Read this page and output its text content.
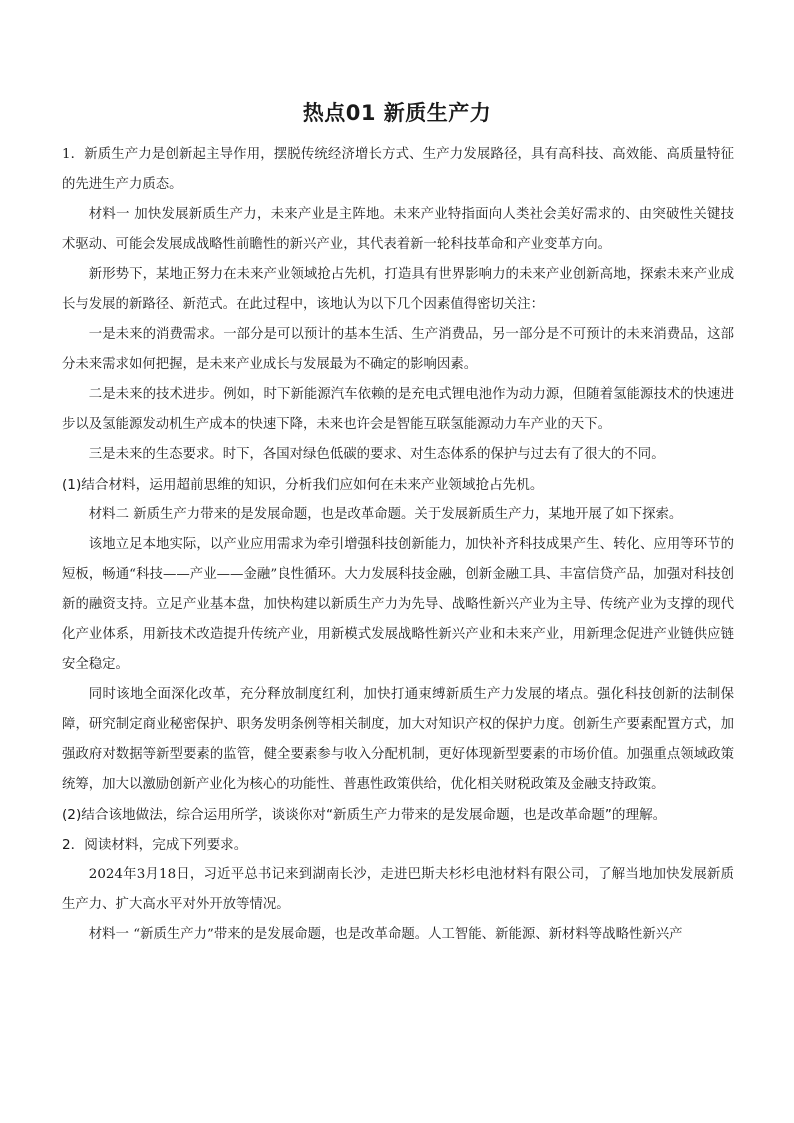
热点01 新质生产力

1．新质生产力是创新起主导作用，摆脱传统经济增长方式、生产力发展路径，具有高科技、高效能、高质量特征的先进生产力质态。

材料一 加快发展新质生产力，未来产业是主阵地。未来产业特指面向人类社会美好需求的、由突破性关键技术驱动、可能会发展成战略性前瞻性的新兴产业，其代表着新一轮科技革命和产业变革方向。

新形势下，某地正努力在未来产业领域抢占先机，打造具有世界影响力的未来产业创新高地，探索未来产业成长与发展的新路径、新范式。在此过程中，该地认为以下几个因素值得密切关注：

一是未来的消费需求。一部分是可以预计的基本生活、生产消费品，另一部分是不可预计的未来消费品，这部分未来需求如何把握，是未来产业成长与发展最为不确定的影响因素。

二是未来的技术进步。例如，时下新能源汽车依赖的是充电式锂电池作为动力源，但随着氢能源技术的快速进步以及氢能源发动机生产成本的快速下降，未来也许会是智能互联氢能源动力车产业的天下。

三是未来的生态要求。时下，各国对绿色低碳的要求、对生态体系的保护与过去有了很大的不同。

(1)结合材料，运用超前思维的知识，分析我们应如何在未来产业领域抢占先机。

材料二 新质生产力带来的是发展命题，也是改革命题。关于发展新质生产力，某地开展了如下探索。

该地立足本地实际，以产业应用需求为牵引增强科技创新能力，加快补齐科技成果产生、转化、应用等环节的短板，畅通“科技——产业——金融”良性循环。大力发展科技金融，创新金融工具、丰富信贷产品，加强对科技创新的融资支持。立足产业基本盘，加快构建以新质生产力为先导、战略性新兴产业为主导、传统产业为支撑的现代化产业体系，用新技术改造提升传统产业，用新模式发展战略性新兴产业和未来产业，用新理念促进产业链供应链安全稳定。

同时该地全面深化改革，充分释放制度红利，加快打通束缚新质生产力发展的堵点。强化科技创新的法制保障，研究制定商业秘密保护、职务发明条例等相关制度，加大对知识产权的保护力度。创新生产要素配置方式，加强政府对数据等新型要素的监管，健全要素参与收入分配机制，更好体现新型要素的市场价值。加强重点领域政策统筹，加大以激励创新产业化为核心的功能性、普惠性政策供给，优化相关财税政策及金融支持政策。

(2)结合该地做法，综合运用所学，谈谈你对“新质生产力带来的是发展命题，也是改革命题”的理解。

2．阅读材料，完成下列要求。

2024年3月18日，习近平总书记来到湖南长沙，走进巴斯夫杉杉电池材料有限公司，了解当地加快发展新质生产力、扩大高水平对外开放等情况。

材料一 “新质生产力”带来的是发展命题，也是改革命题。人工智能、新能源、新材料等战略性新兴产
